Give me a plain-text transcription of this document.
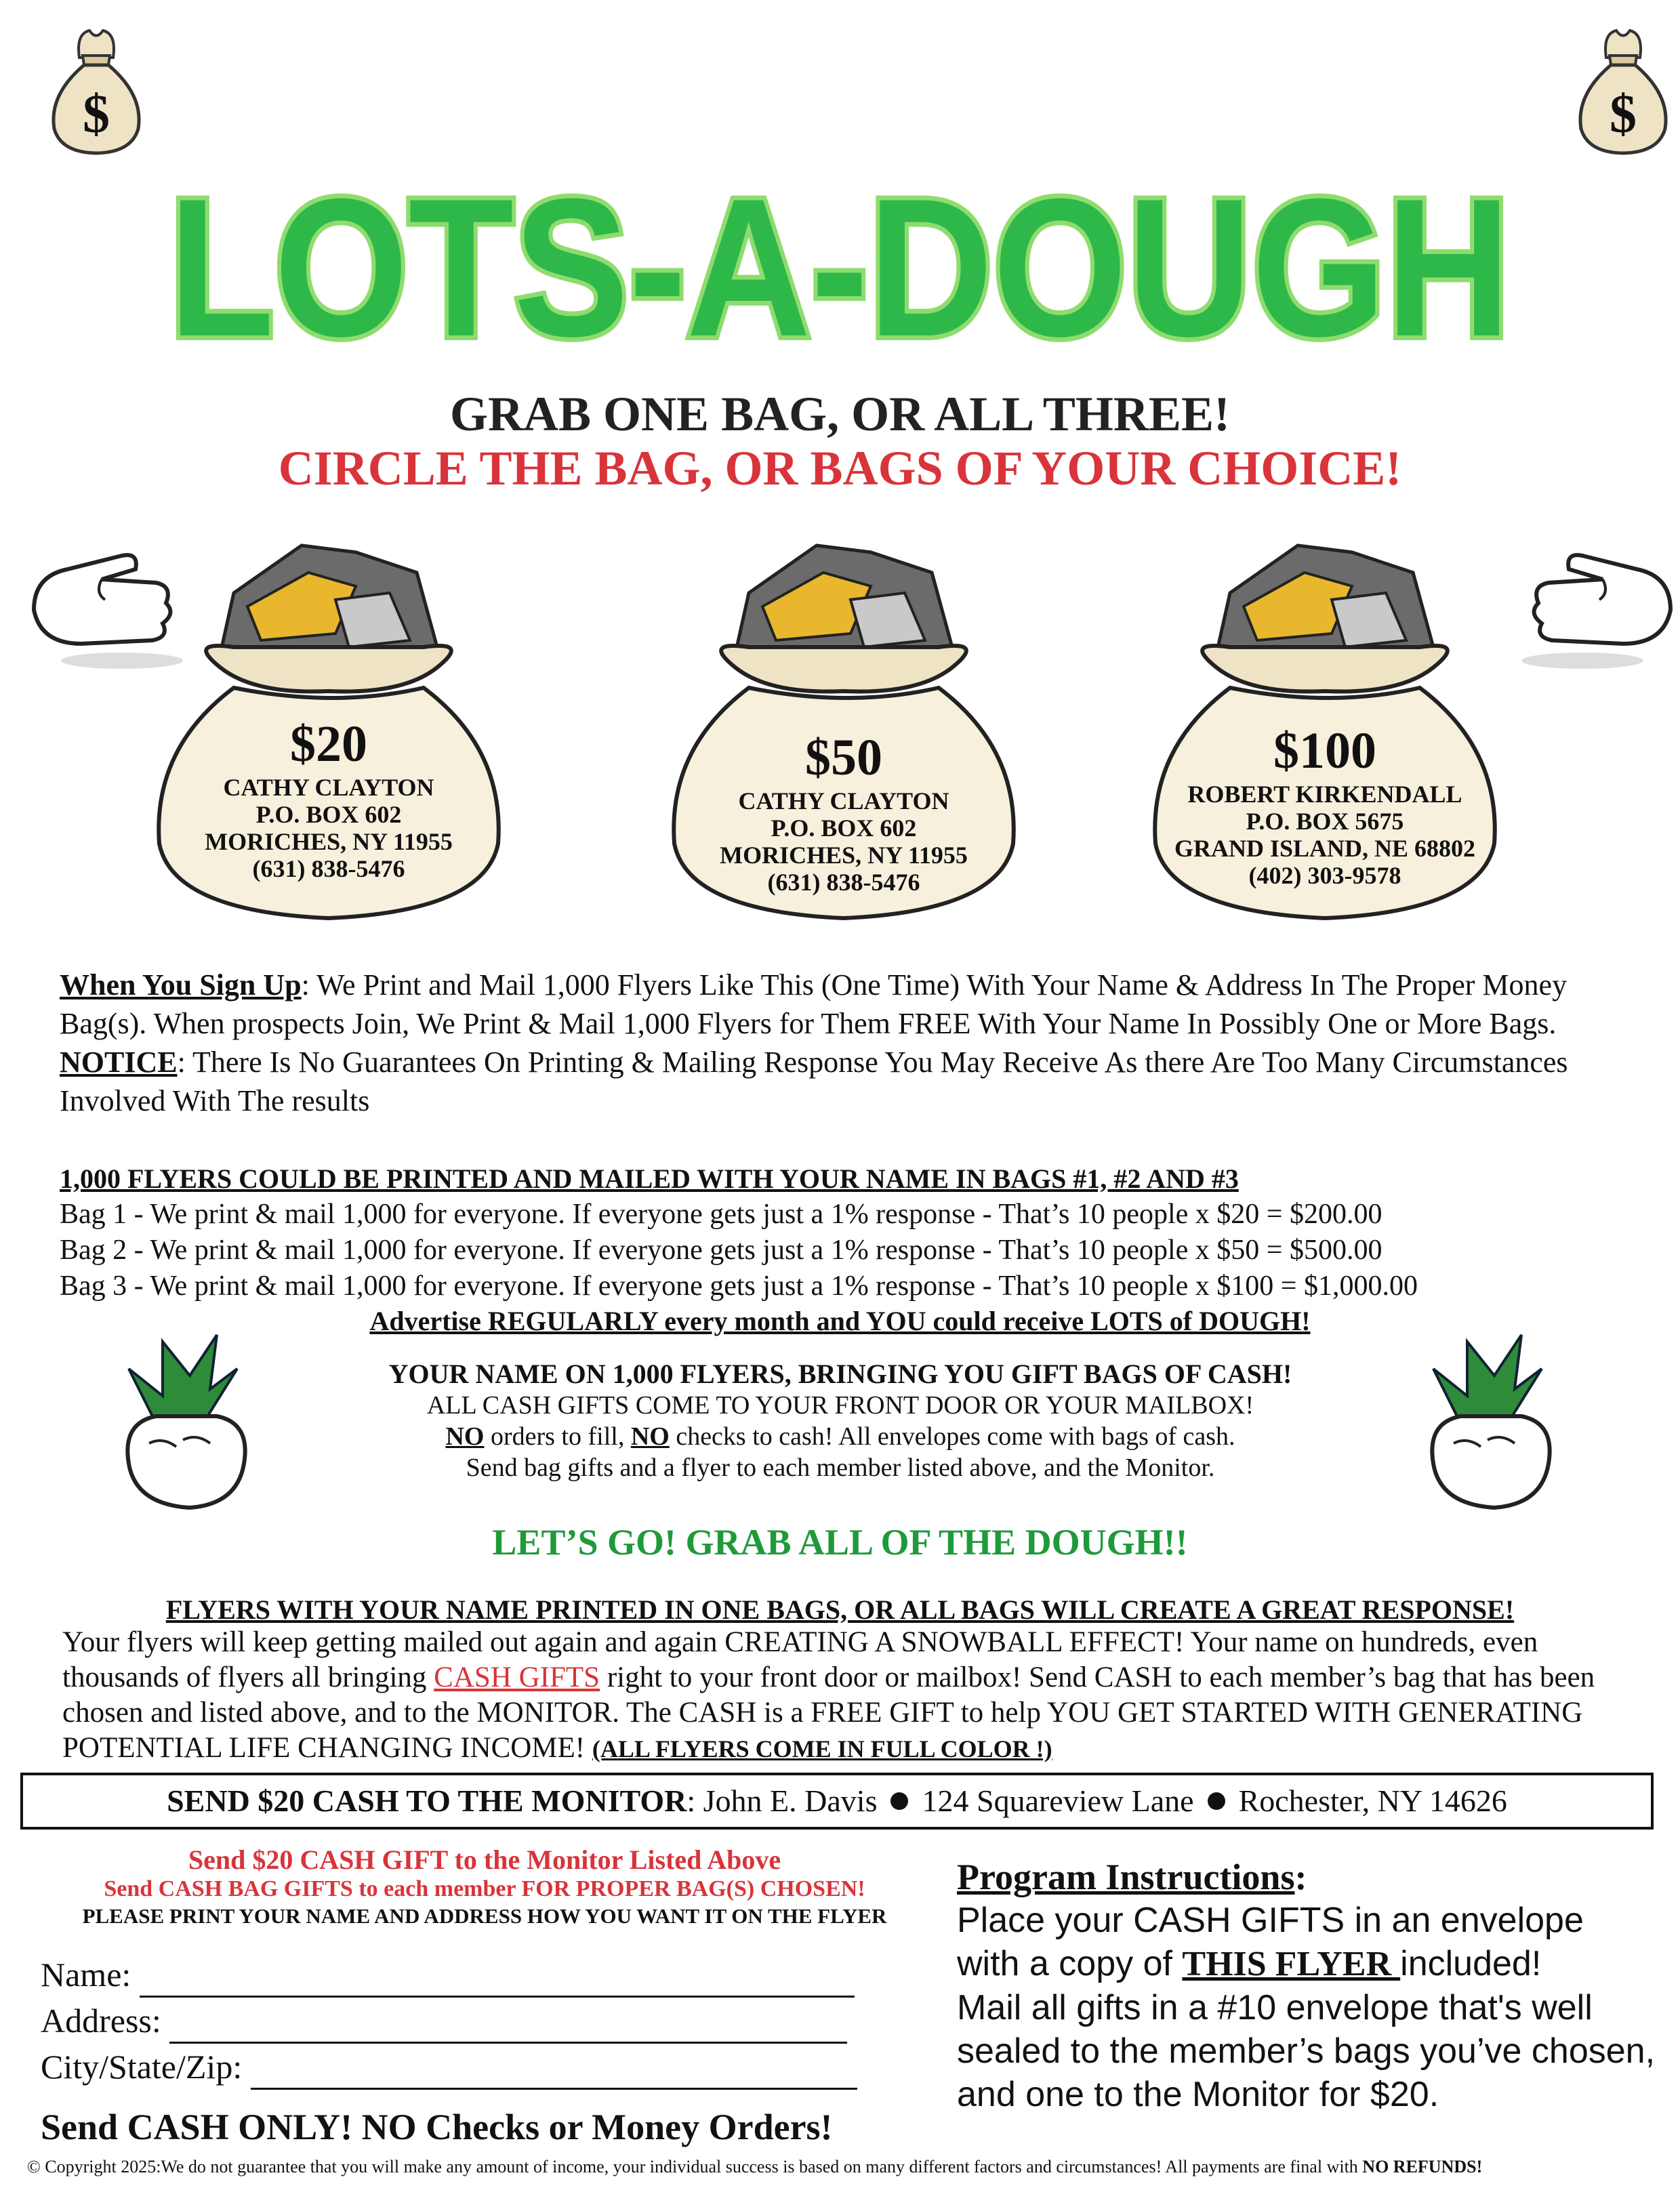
$	$
LOTS-A-DOUGH
GRAB ONE BAG, OR ALL THREE!
CIRCLE THE BAG, OR BAGS OF YOUR CHOICE!
$20
CATHY CLAYTON
P.O. BOX 602
MORICHES, NY 11955
(631) 838-5476
$50
CATHY CLAYTON
P.O. BOX 602
MORICHES, NY 11955
(631) 838-5476
$100
ROBERT KIRKENDALL
P.O. BOX 5675
GRAND ISLAND, NE 68802
(402) 303-9578
When You Sign Up: We Print and Mail 1,000 Flyers Like This (One Time) With Your Name & Address In The Proper Money Bag(s). When prospects Join, We Print & Mail 1,000 Flyers for Them FREE With Your Name In Possibly One or More Bags. NOTICE: There Is No Guarantees On Printing & Mailing Response You May Receive As there Are Too Many Circumstances Involved With The results
1,000 FLYERS COULD BE PRINTED AND MAILED WITH YOUR NAME IN BAGS #1, #2 AND #3
Bag 1 - We print & mail 1,000 for everyone. If everyone gets just a 1% response - That’s 10 people x $20 = $200.00
Bag 2 - We print & mail 1,000 for everyone. If everyone gets just a 1% response - That’s 10 people x $50 = $500.00
Bag 3 - We print & mail 1,000 for everyone. If everyone gets just a 1% response - That’s 10 people x $100 = $1,000.00
Advertise REGULARLY every month and YOU could receive LOTS of DOUGH!
YOUR NAME ON 1,000 FLYERS, BRINGING YOU GIFT BAGS OF CASH!
ALL CASH GIFTS COME TO YOUR FRONT DOOR OR YOUR MAILBOX!
NO orders to fill, NO checks to cash! All envelopes come with bags of cash.
Send bag gifts and a flyer to each member listed above, and the Monitor.
LET’S GO! GRAB ALL OF THE DOUGH!!
FLYERS WITH YOUR NAME PRINTED IN ONE BAGS, OR ALL BAGS WILL CREATE A GREAT RESPONSE!
Your flyers will keep getting mailed out again and again CREATING A SNOWBALL EFFECT! Your name on hundreds, even thousands of flyers all bringing CASH GIFTS right to your front door or mailbox! Send CASH to each member’s bag that has been chosen and listed above, and to the MONITOR. The CASH is a FREE GIFT to help YOU GET STARTED WITH GENERATING POTENTIAL LIFE CHANGING INCOME! (ALL FLYERS COME IN FULL COLOR !)
SEND $20 CASH TO THE MONITOR: John E. Davis 124 Squareview Lane Rochester, NY 14626
Send $20 CASH GIFT to the Monitor Listed Above
Send CASH BAG GIFTS to each member FOR PROPER BAG(S) CHOSEN!
PLEASE PRINT YOUR NAME AND ADDRESS HOW YOU WANT IT ON THE FLYER
Name:
Address:
City/State/Zip:
Send CASH ONLY! NO Checks or Money Orders!
Program Instructions:
Place your CASH GIFTS in an envelope
with a copy of THIS FLYER included!
Mail all gifts in a #10 envelope that's well
sealed to the member’s bags you’ve chosen,
and one to the Monitor for $20.
© Copyright 2025:We do not guarantee that you will make any amount of income, your individual success is based on many different factors and circumstances! All payments are final with NO REFUNDS!
